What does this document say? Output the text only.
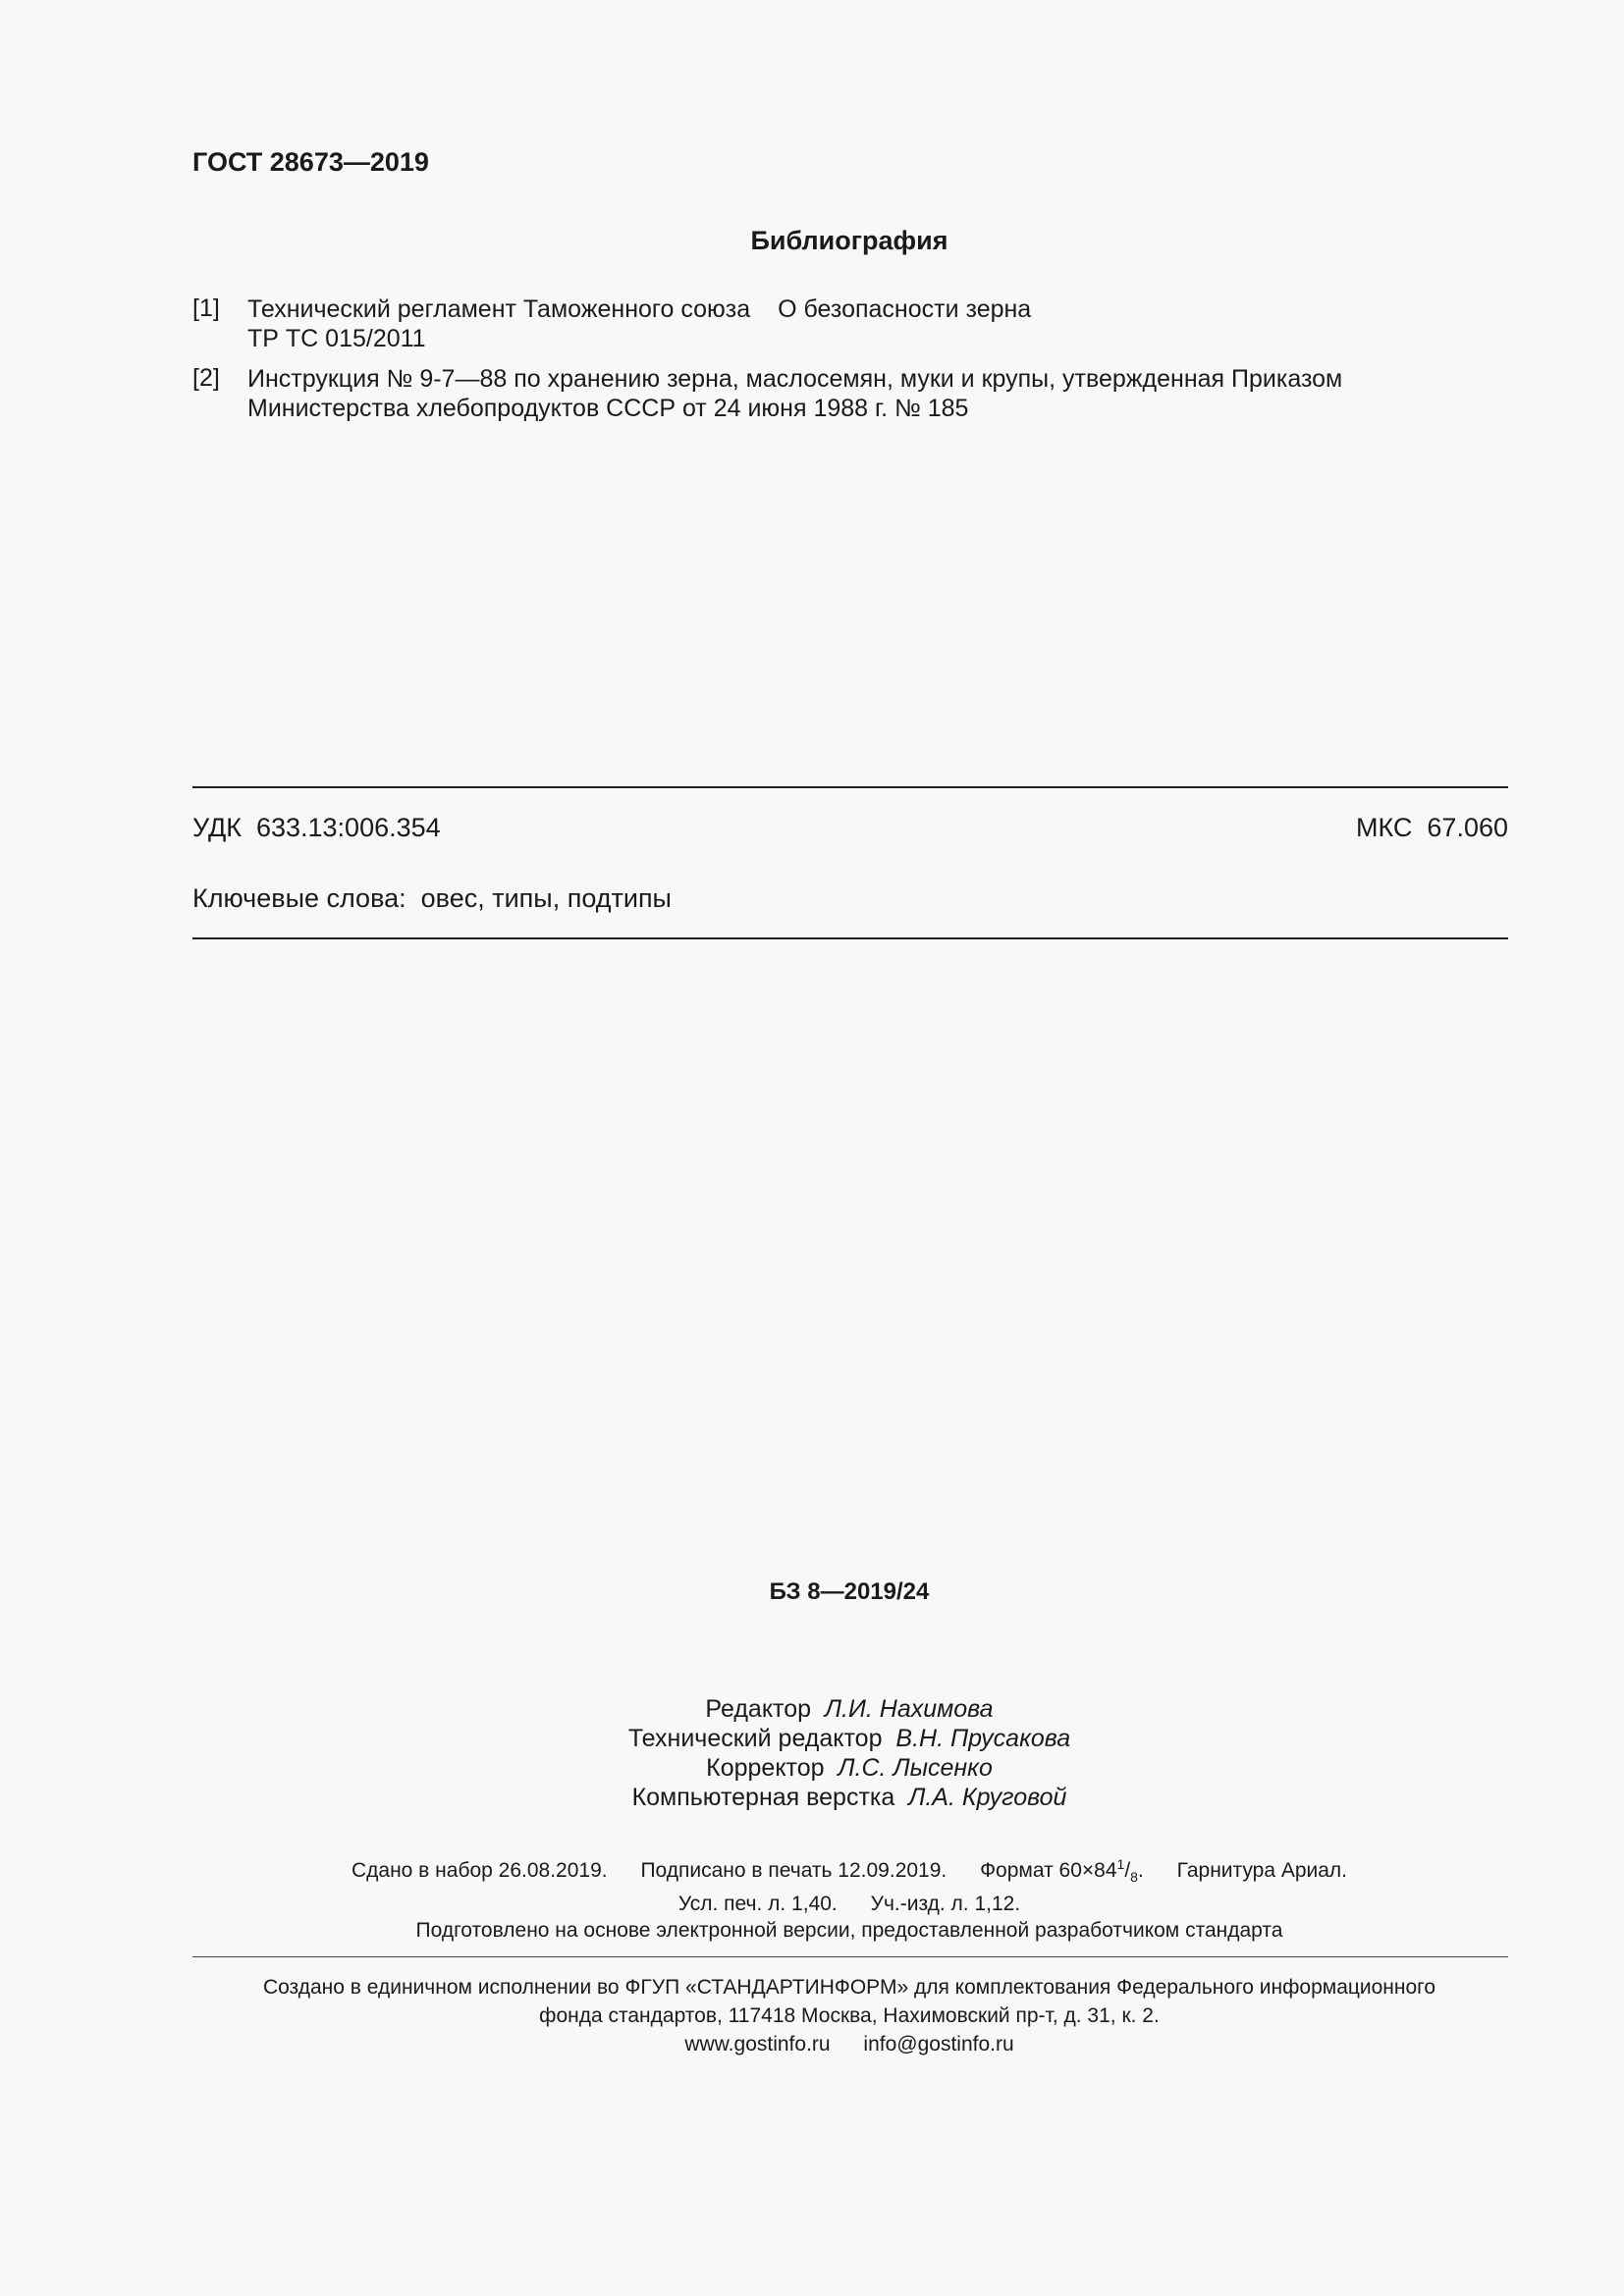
ГОСТ 28673—2019
Библиография
[1] Технический регламент Таможенного союза О безопасности зерна
ТР ТС 015/2011
[2] Инструкция № 9-7—88 по хранению зерна, маслосемян, муки и крупы, утвержденная Приказом Министерства хлебопродуктов СССР от 24 июня 1988 г. № 185
УДК 633.13:006.354	МКС 67.060
Ключевые слова: овес, типы, подтипы
БЗ 8—2019/24
Редактор Л.И. Нахимова
Технический редактор В.Н. Прусакова
Корректор Л.С. Лысенко
Компьютерная верстка Л.А. Круговой
Сдано в набор 26.08.2019. Подписано в печать 12.09.2019. Формат $60\times 84^1/_8$. Гарнитура Ариал.
Усл. печ. л. 1,40. Уч.-изд. л. 1,12.
Подготовлено на основе электронной версии, предоставленной разработчиком стандарта
Создано в единичном исполнении во ФГУП «СТАНДАРТИНФОРМ» для комплектования Федерального информационного
фонда стандартов, 117418 Москва, Нахимовский пр-т, д. 31, к. 2.
www.gostinfo.ru info@gostinfo.ru
